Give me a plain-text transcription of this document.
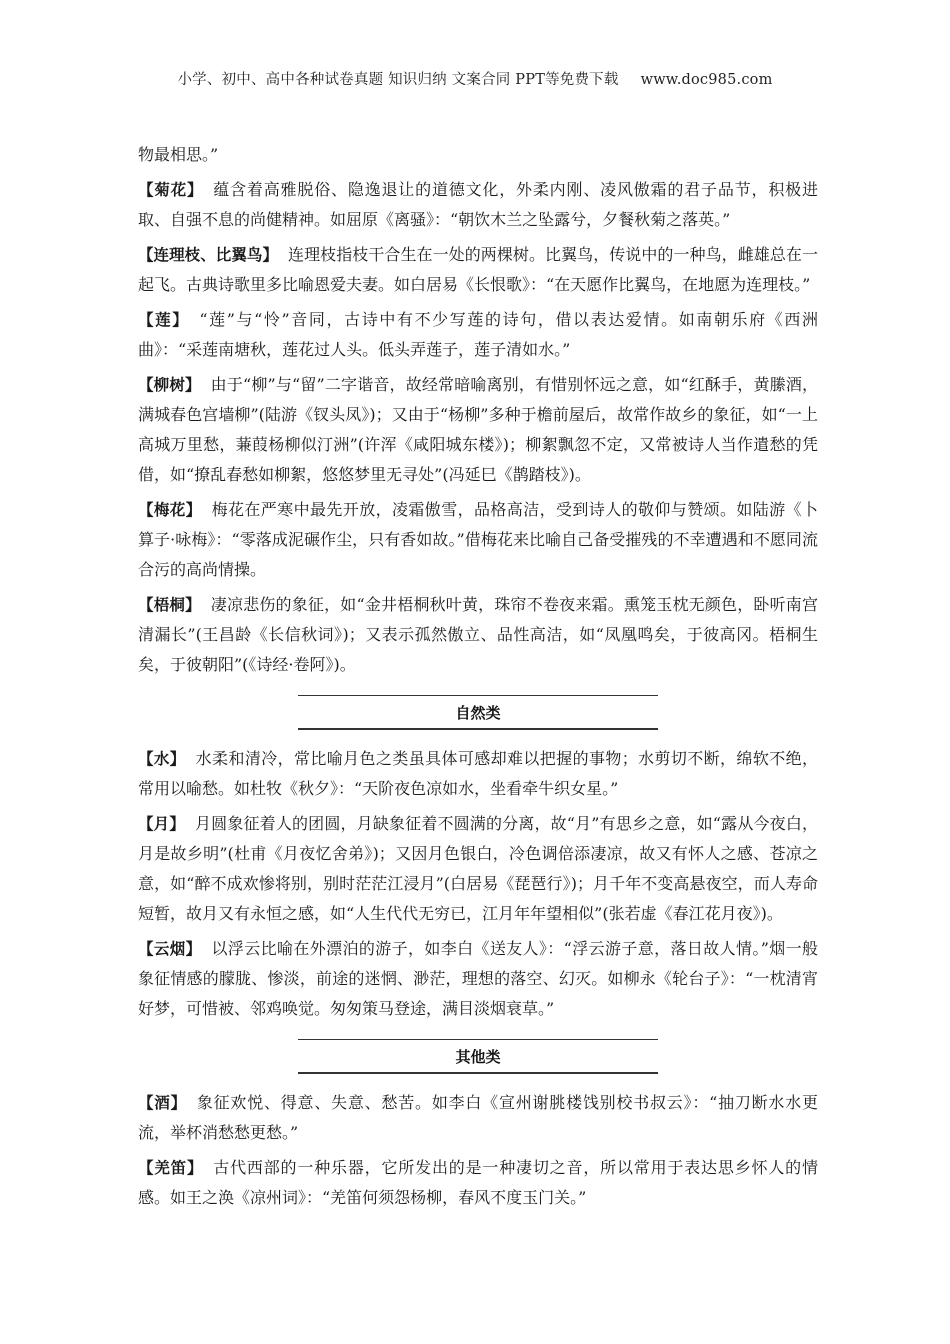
小学、初中、高中各种试卷真题 知识归纳 文案合同 PPT等免费下载 www.doc985.com

物最相思。”

【菊花】 蕴含着高雅脱俗、隐逸退让的道德文化，外柔内刚、凌风傲霜的君子品节，积极进取、自强不息的尚健精神。如屈原《离骚》：“朝饮木兰之坠露兮，夕餐秋菊之落英。”

【连理枝、比翼鸟】 连理枝指枝干合生在一处的两棵树。比翼鸟，传说中的一种鸟，雌雄总在一起飞。古典诗歌里多比喻恩爱夫妻。如白居易《长恨歌》：“在天愿作比翼鸟，在地愿为连理枝。”

【莲】 “莲”与“怜”音同，古诗中有不少写莲的诗句，借以表达爱情。如南朝乐府《西洲曲》：“采莲南塘秋，莲花过人头。低头弄莲子，莲子清如水。”

【柳树】 由于“柳”与“留”二字谐音，故经常暗喻离别，有惜别怀远之意，如“红酥手，黄縢酒，满城春色宫墙柳”(陆游《钗头凤》)；又由于“杨柳”多种于檐前屋后，故常作故乡的象征，如“一上高城万里愁，蒹葭杨柳似汀洲”(许浑《咸阳城东楼》)；柳絮飘忽不定，又常被诗人当作遣愁的凭借，如“撩乱春愁如柳絮，悠悠梦里无寻处”(冯延巳《鹊踏枝》)。

【梅花】 梅花在严寒中最先开放，凌霜傲雪，品格高洁，受到诗人的敬仰与赞颂。如陆游《卜算子·咏梅》：“零落成泥碾作尘，只有香如故。”借梅花来比喻自己备受摧残的不幸遭遇和不愿同流合污的高尚情操。

【梧桐】 凄凉悲伤的象征，如“金井梧桐秋叶黄，珠帘不卷夜来霜。熏笼玉枕无颜色，卧听南宫清漏长”(王昌龄《长信秋词》)；又表示孤然傲立、品性高洁，如“凤凰鸣矣，于彼高冈。梧桐生矣，于彼朝阳”(《诗经·卷阿》)。

自然类

【水】 水柔和清冷，常比喻月色之类虽具体可感却难以把握的事物；水剪切不断，绵软不绝，常用以喻愁。如杜牧《秋夕》：“天阶夜色凉如水，坐看牵牛织女星。”

【月】 月圆象征着人的团圆，月缺象征着不圆满的分离，故“月”有思乡之意，如“露从今夜白，月是故乡明”(杜甫《月夜忆舍弟》)；又因月色银白，冷色调倍添凄凉，故又有怀人之感、苍凉之意，如“醉不成欢惨将别，别时茫茫江浸月”(白居易《琵琶行》)；月千年不变高悬夜空，而人寿命短暂，故月又有永恒之感，如“人生代代无穷已，江月年年望相似”(张若虚《春江花月夜》)。

【云烟】 以浮云比喻在外漂泊的游子，如李白《送友人》：“浮云游子意，落日故人情。”烟一般象征情感的朦胧、惨淡，前途的迷惘、渺茫，理想的落空、幻灭。如柳永《轮台子》：“一枕清宵好梦，可惜被、邻鸡唤觉。匆匆策马登途，满目淡烟衰草。”

其他类

【酒】 象征欢悦、得意、失意、愁苦。如李白《宣州谢朓楼饯别校书叔云》：“抽刀断水水更流，举杯消愁愁更愁。”

【羌笛】 古代西部的一种乐器，它所发出的是一种凄切之音，所以常用于表达思乡怀人的情感。如王之涣《凉州词》：“羌笛何须怨杨柳，春风不度玉门关。”
